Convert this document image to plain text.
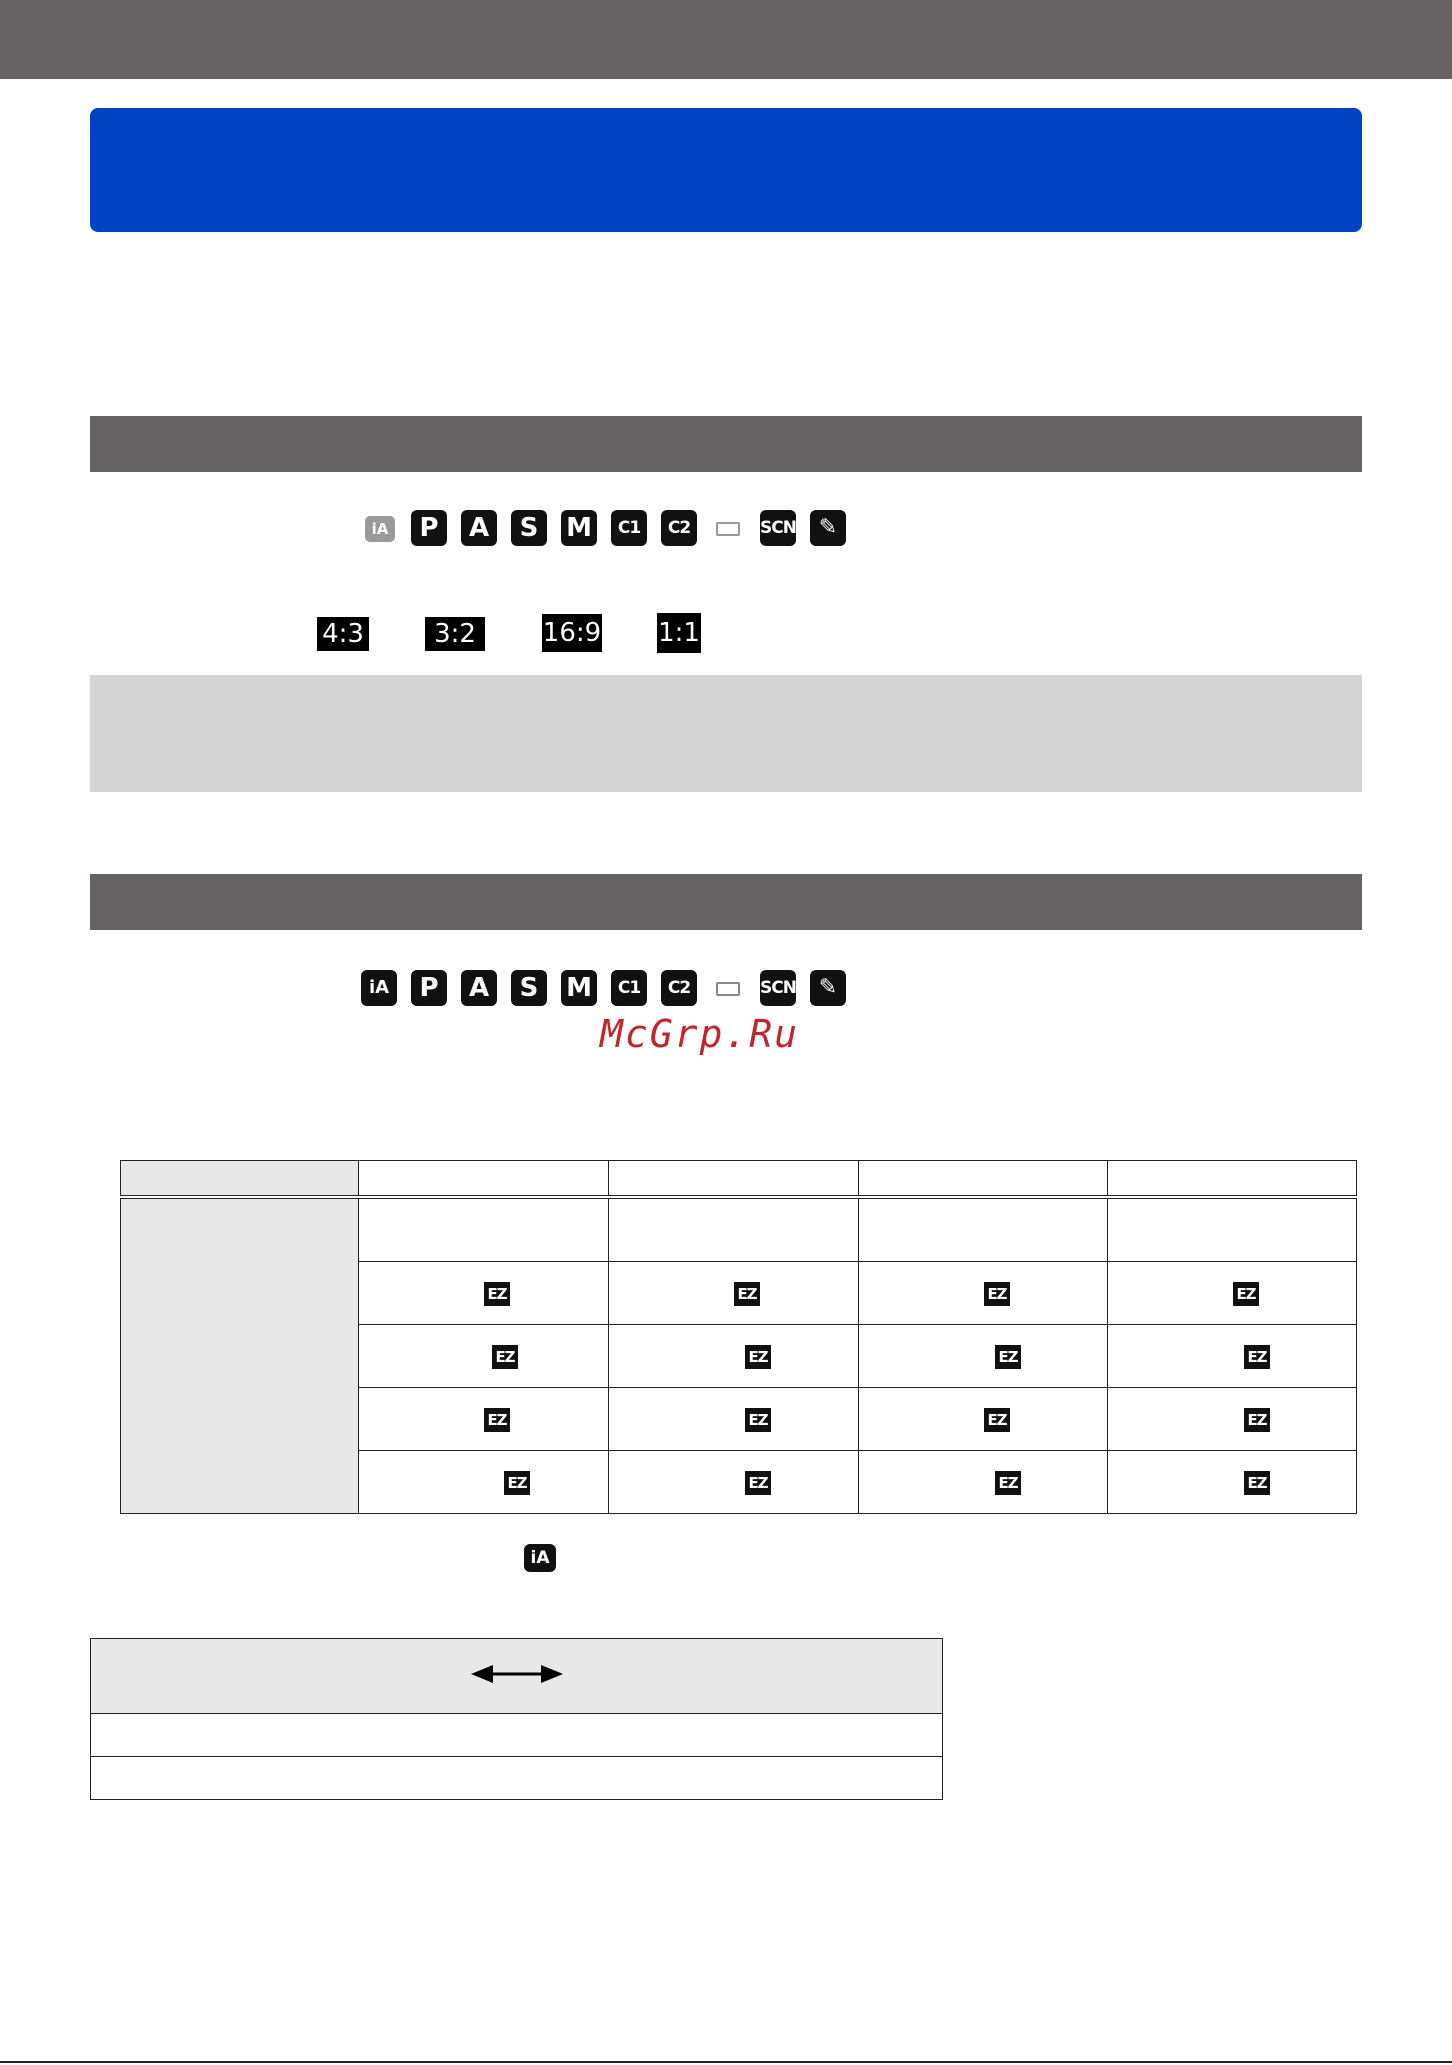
iA	P	A	S	M	C1	C2	SCN	✎
4:3	3:2	16:9 1:1
iA	P	A	S	M	C1	C2	SCN	✎
McGrp.Ru

	EZ	EZ	EZ	EZ

	EZ	EZ	EZ	EZ

	EZ	EZ	EZ	EZ

	EZ	EZ	EZ	EZ
iA
